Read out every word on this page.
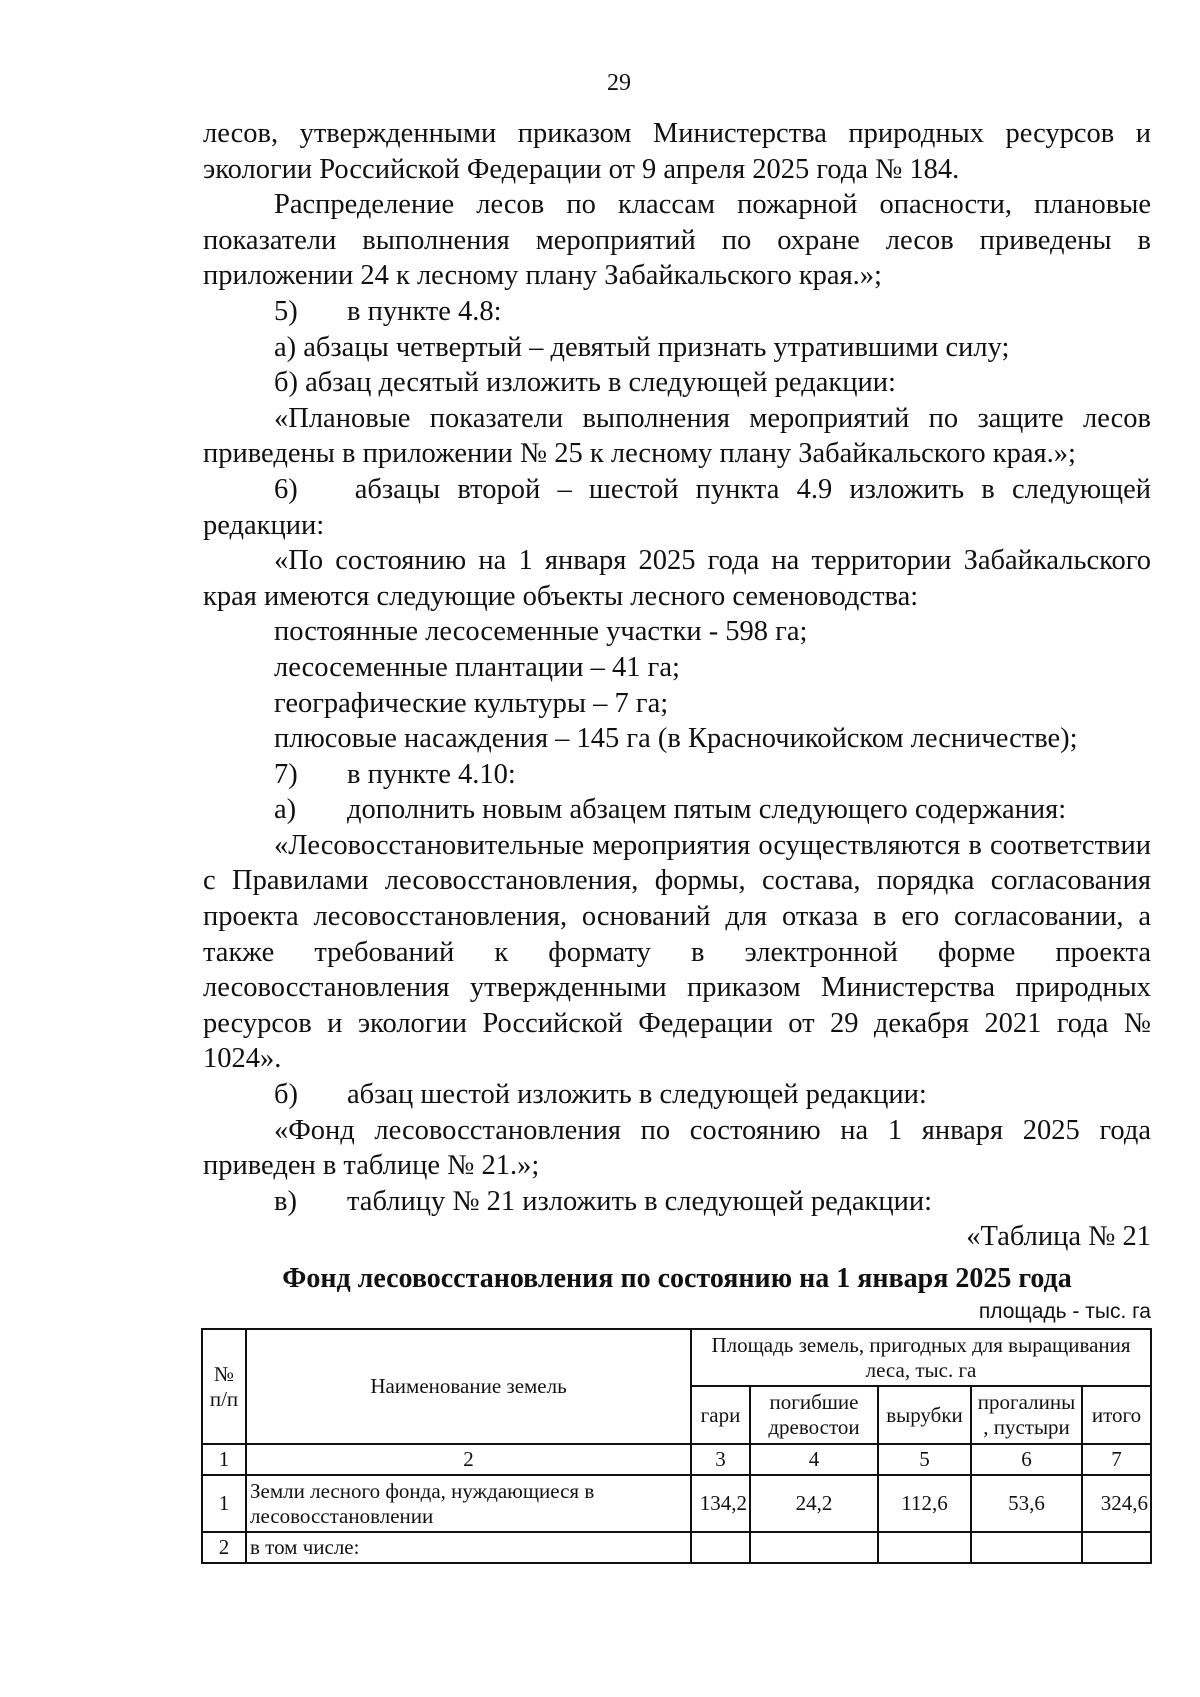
29

лесов, утвержденными приказом Министерства природных ресурсов и экологии Российской Федерации от 9 апреля 2025 года № 184.

Распределение лесов по классам пожарной опасности, плановые показатели выполнения мероприятий по охране лесов приведены в приложении 24 к лесному плану Забайкальского края.»;

5) в пункте 4.8:

а) абзацы четвертый – девятый признать утратившими силу;

б) абзац десятый изложить в следующей редакции:

«Плановые показатели выполнения мероприятий по защите лесов приведены в приложении № 25 к лесному плану Забайкальского края.»;

6)  абзацы второй – шестой пункта 4.9 изложить в следующей редакции:

«По состоянию на 1 января 2025 года на территории Забайкальского края имеются следующие объекты лесного семеноводства:

постоянные лесосеменные участки - 598 га;

лесосеменные плантации – 41 га;

географические культуры – 7 га;

плюсовые насаждения – 145 га (в Красночикойском лесничестве);

7) в пункте 4.10:

а) дополнить новым абзацем пятым следующего содержания:

«Лесовосстановительные мероприятия осуществляются в соответствии с Правилами лесовосстановления, формы, состава, порядка согласования проекта лесовосстановления, оснований для отказа в его согласовании, а также требований к формату в электронной форме проекта лесовосстановления утвержденными приказом Министерства природных ресурсов и экологии Российской Федерации от 29 декабря 2021 года № 1024».

б) абзац шестой изложить в следующей редакции:

«Фонд лесовосстановления по состоянию на 1 января 2025 года приведен в таблице № 21.»;

в) таблицу № 21 изложить в следующей редакции:

«Таблица № 21

Фонд лесовосстановления по состоянию на 1 января 2025 года
площадь - тыс. га
№ п/п	Наименование земель	Площадь земель, пригодных для выращивания леса, тыс. га				
		гари	погибшие древостои	вырубки	прогалины , пустыри	итого
1	2	3	4	5	6	7
1	Земли лесного фонда, нуждающиеся в лесовосстановлении	134,2	24,2	112,6	53,6	324,6
2	в том числе:					
